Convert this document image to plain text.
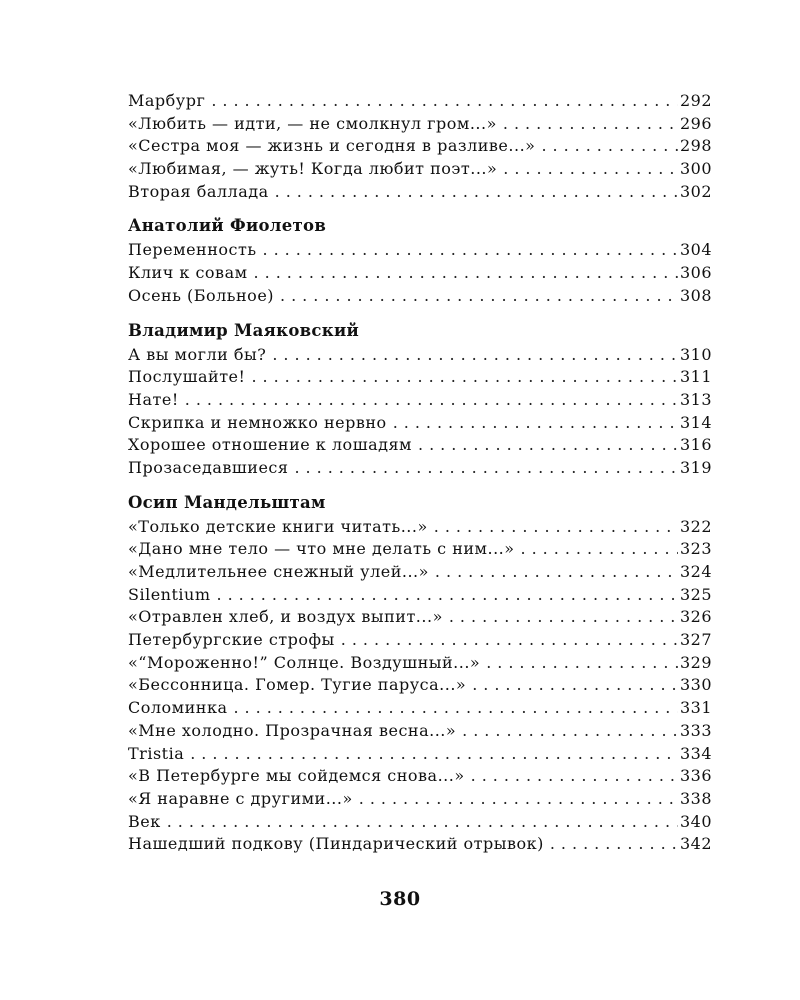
Марбург . . .	292
«Любить — идти, — не смолкнул гром...» . . .	296
«Сестра моя — жизнь и сегодня в разливе...» . . .	298
«Любимая, — жуть! Когда любит поэт...» . . .	300
Вторая баллада . . .	302
Анатолий Фиолетов
Переменность . . .	304
Клич к совам . . .	306
Осень (Больное) . . .	308
Владимир Маяковский
А вы могли бы? . . .	310
Послушайте! . . .	311
Нате! . . .	313
Скрипка и немножко нервно . . .	314
Хорошее отношение к лошадям . . .	316
Прозаседавшиеся . . .	319
Осип Мандельштам
«Только детские книги читать...» . . .	322
«Дано мне тело — что мне делать с ним...» . . .	323
«Медлительнее снежный улей...» . . .	324
Silentium . . .	325
«Отравлен хлеб, и воздух выпит...» . . .	326
Петербургские строфы . . .	327
«“Мороженно!” Солнце. Воздушный...» . . .	329
«Бессонница. Гомер. Тугие паруса...» . . .	330
Соломинка . . .	331
«Мне холодно. Прозрачная весна...» . . .	333
Tristia . . .	334
«В Петербурге мы сойдемся снова...» . . .	336
«Я наравне с другими...» . . .	338
Век . . .	340
Нашедший подкову (Пиндарический отрывок) . . .	342
380
